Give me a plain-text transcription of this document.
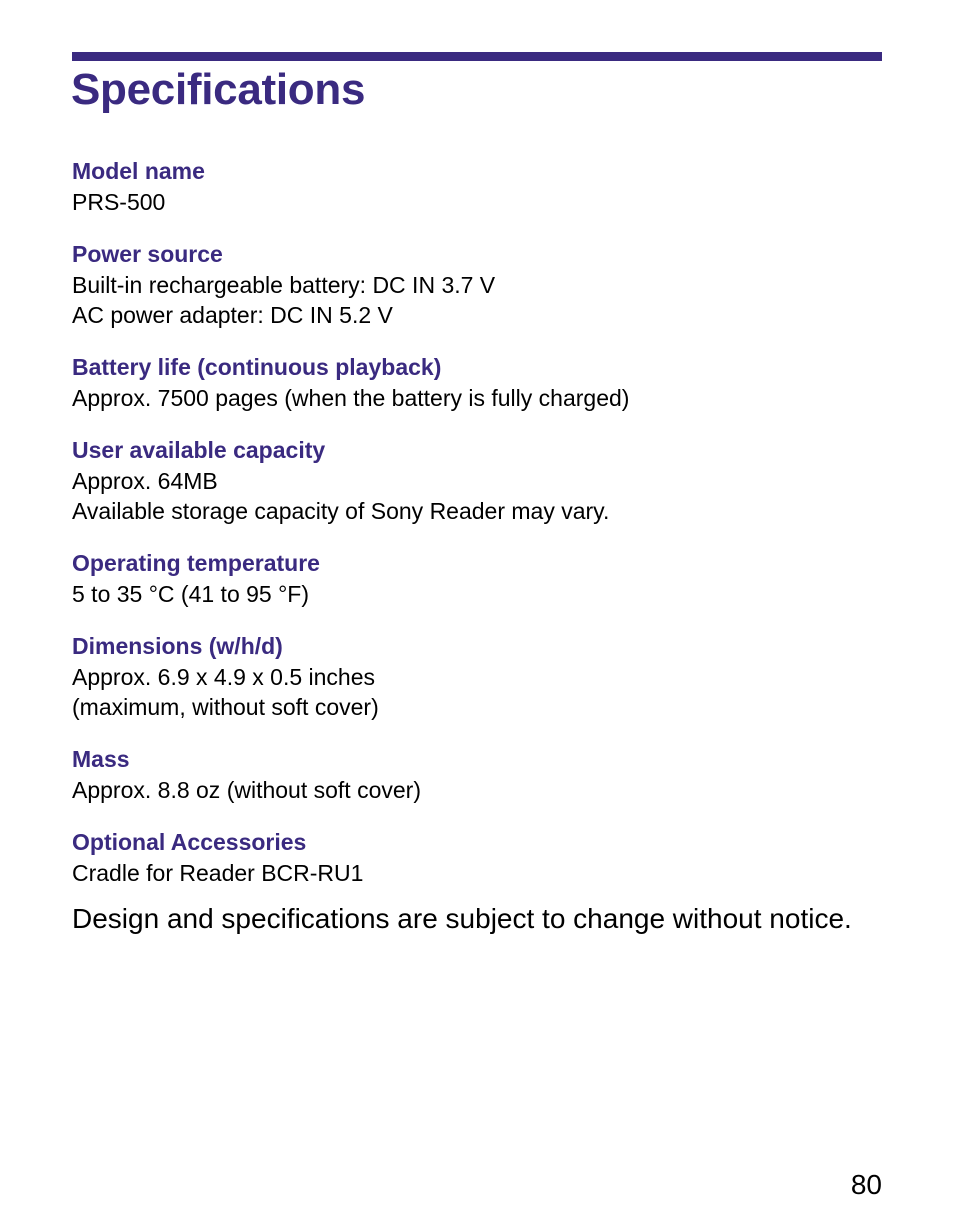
Specifications
Model name
PRS-500
Power source
Built-in rechargeable battery: DC IN 3.7 V
AC power adapter: DC IN 5.2 V
Battery life (continuous playback)
Approx. 7500 pages (when the battery is fully charged)
User available capacity
Approx. 64MB
Available storage capacity of Sony Reader may vary.
Operating temperature
5 to 35 °C (41 to 95 °F)
Dimensions (w/h/d)
Approx. 6.9 x 4.9 x 0.5 inches
(maximum, without soft cover)
Mass
Approx. 8.8 oz (without soft cover)
Optional Accessories
Cradle for Reader BCR-RU1

Design and specifications are subject to change without notice.

80
